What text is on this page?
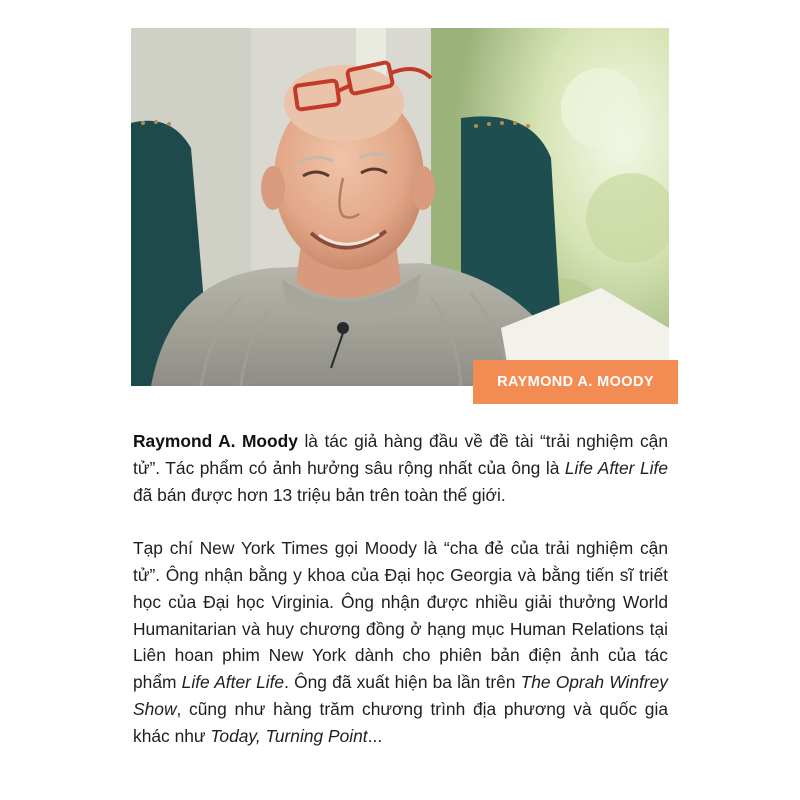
RAYMOND A. MOODY

Raymond A. Moody là tác giả hàng đầu về đề tài “trải nghiệm cận tử”. Tác phẩm có ảnh hưởng sâu rộng nhất của ông là Life After Life đã bán được hơn 13 triệu bản trên toàn thế giới.

Tạp chí New York Times gọi Moody là “cha đẻ của trải nghiệm cận tử”. Ông nhận bằng y khoa của Đại học Georgia và bằng tiến sĩ triết học của Đại học Virginia. Ông nhận được nhiều giải thưởng World Humanitarian và huy chương đồng ở hạng mục Human Relations tại Liên hoan phim New York dành cho phiên bản điện ảnh của tác phẩm Life After Life. Ông đã xuất hiện ba lần trên The Oprah Winfrey Show, cũng như hàng trăm chương trình địa phương và quốc gia khác như Today, Turning Point...
